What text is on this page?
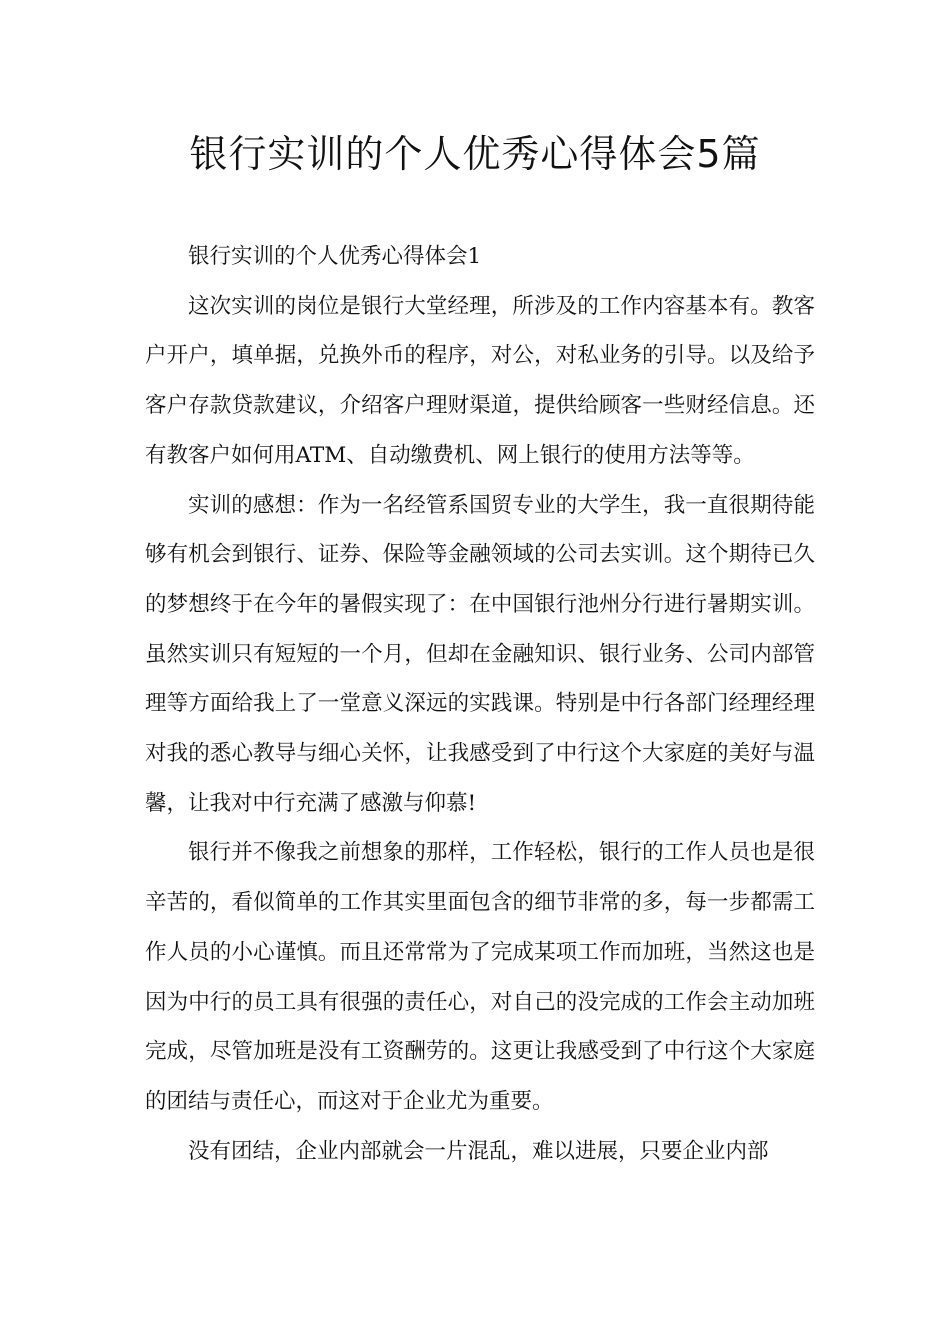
银行实训的个人优秀心得体会5篇

银行实训的个人优秀心得体会1

这次实训的岗位是银行大堂经理，所涉及的工作内容基本有。教客户开户，填单据，兑换外币的程序，对公，对私业务的引导。以及给予客户存款贷款建议，介绍客户理财渠道，提供给顾客一些财经信息。还有教客户如何用ATM、自动缴费机、网上银行的使用方法等等。

实训的感想：作为一名经管系国贸专业的大学生，我一直很期待能够有机会到银行、证券、保险等金融领域的公司去实训。这个期待已久的梦想终于在今年的暑假实现了：在中国银行池州分行进行暑期实训。虽然实训只有短短的一个月，但却在金融知识、银行业务、公司内部管理等方面给我上了一堂意义深远的实践课。特别是中行各部门经理经理对我的悉心教导与细心关怀，让我感受到了中行这个大家庭的美好与温馨，让我对中行充满了感激与仰慕!

银行并不像我之前想象的那样，工作轻松，银行的工作人员也是很辛苦的，看似简单的工作其实里面包含的细节非常的多，每一步都需工作人员的小心谨慎。而且还常常为了完成某项工作而加班，当然这也是因为中行的员工具有很强的责任心，对自己的没完成的工作会主动加班完成，尽管加班是没有工资酬劳的。这更让我感受到了中行这个大家庭的团结与责任心，而这对于企业尤为重要。

没有团结，企业内部就会一片混乱，难以进展，只要企业内部
